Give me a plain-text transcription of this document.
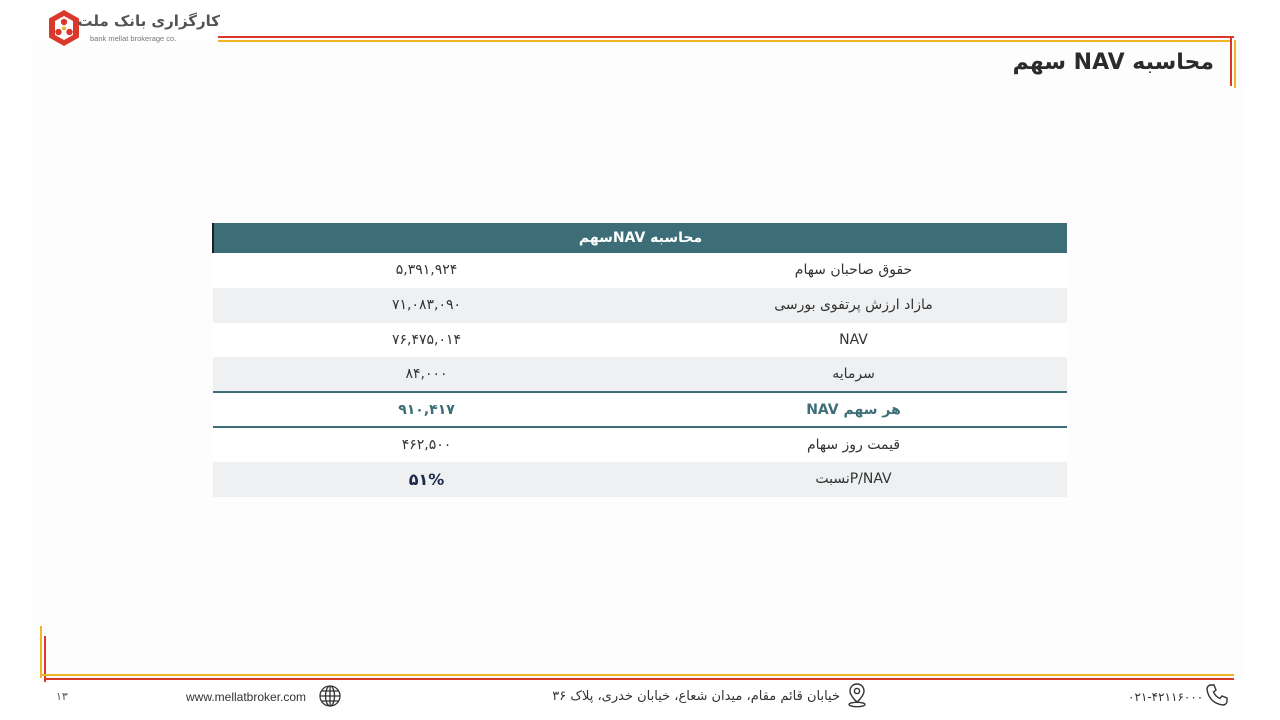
کارگزاری بانک ملت
bank mellat brokerage co.
محاسبه NAV سهم
محاسبه NAVسهم	
۵,۳۹۱,۹۲۴	حقوق صاحبان سهام
۷۱,۰۸۳,۰۹۰	مازاد ارزش پرتفوی بورسی
۷۶,۴۷۵,۰۱۴	NAV
۸۴,۰۰۰	سرمایه
۹۱۰,۴۱۷	هر سهم NAV
۴۶۲,۵۰۰	قیمت روز سهام
۵۱%	P/NAVنسبت
۱۳	www.mellatbroker.com	خیابان قائم مقام، میدان شعاع، خیابان خدری، پلاک ۳۶	۰۲۱-۴۲۱۱۶۰۰۰
